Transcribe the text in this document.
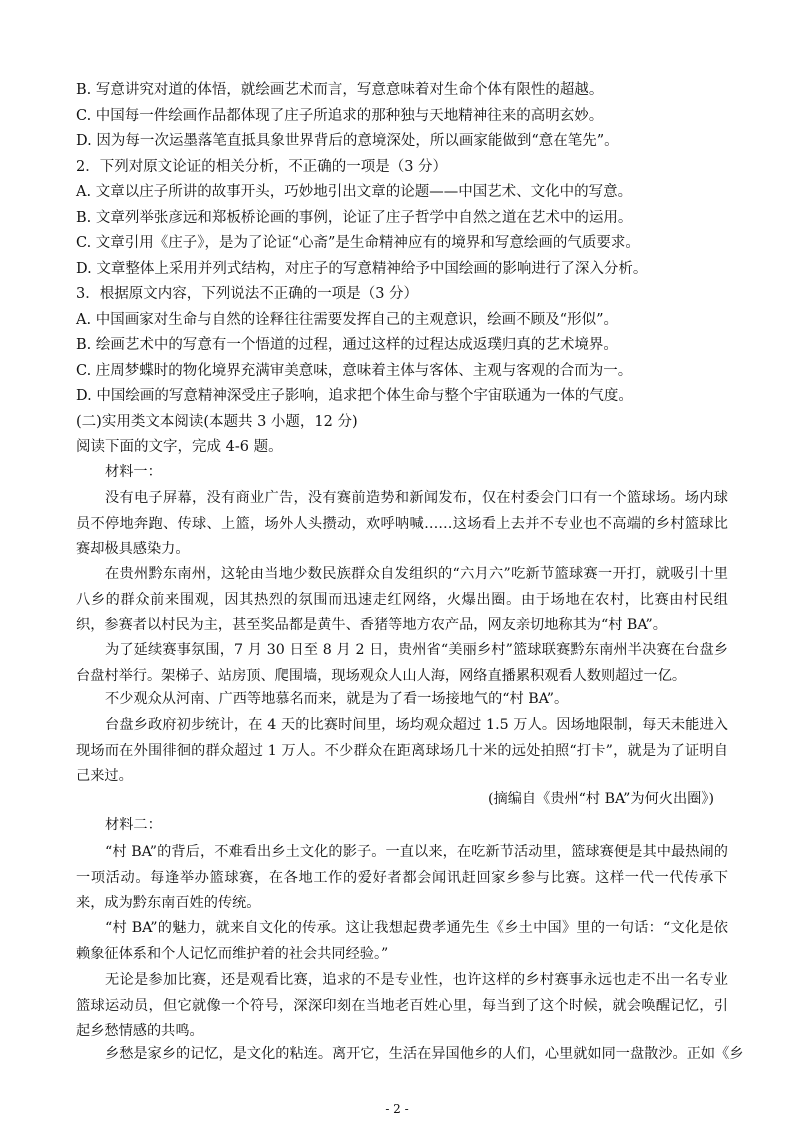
B. 写意讲究对道的体悟，就绘画艺术而言，写意意味着对生命个体有限性的超越。
C. 中国每一件绘画作品都体现了庄子所追求的那种独与天地精神往来的高明玄妙。
D. 因为每一次运墨落笔直抵具象世界背后的意境深处，所以画家能做到“意在笔先”。
2．下列对原文论证的相关分析，不正确的一项是（3 分）
A. 文章以庄子所讲的故事开头，巧妙地引出文章的论题——中国艺术、文化中的写意。
B. 文章列举张彦远和郑板桥论画的事例，论证了庄子哲学中自然之道在艺术中的运用。
C. 文章引用《庄子》，是为了论证“心斋”是生命精神应有的境界和写意绘画的气质要求。
D. 文章整体上采用并列式结构，对庄子的写意精神给予中国绘画的影响进行了深入分析。
3．根据原文内容，下列说法不正确的一项是（3 分）
A. 中国画家对生命与自然的诠释往往需要发挥自己的主观意识，绘画不顾及“形似”。
B. 绘画艺术中的写意有一个悟道的过程，通过这样的过程达成返璞归真的艺术境界。
C. 庄周梦蝶时的物化境界充满审美意味，意味着主体与客体、主观与客观的合而为一。
D. 中国绘画的写意精神深受庄子影响，追求把个体生命与整个宇宙联通为一体的气度。
(二)实用类文本阅读(本题共 3 小题，12 分)
阅读下面的文字，完成 4-6 题。
材料一：
没有电子屏幕，没有商业广告，没有赛前造势和新闻发布，仅在村委会门口有一个篮球场。场内球员不停地奔跑、传球、上篮，场外人头攒动，欢呼呐喊……这场看上去并不专业也不高端的乡村篮球比赛却极具感染力。
在贵州黔东南州，这轮由当地少数民族群众自发组织的“六月六”吃新节篮球赛一开打，就吸引十里八乡的群众前来围观，因其热烈的氛围而迅速走红网络，火爆出圈。由于场地在农村，比赛由村民组织，参赛者以村民为主，甚至奖品都是黄牛、香猪等地方农产品，网友亲切地称其为“村 BA”。
为了延续赛事氛围，7 月 30 日至 8 月 2 日，贵州省“美丽乡村”篮球联赛黔东南州半决赛在台盘乡台盘村举行。架梯子、站房顶、爬围墙，现场观众人山人海，网络直播累积观看人数则超过一亿。
不少观众从河南、广西等地慕名而来，就是为了看一场接地气的“村 BA”。
台盘乡政府初步统计，在 4 天的比赛时间里，场均观众超过 1.5 万人。因场地限制，每天未能进入现场而在外围徘徊的群众超过 1 万人。不少群众在距离球场几十米的远处拍照“打卡”，就是为了证明自己来过。
(摘编自《贵州“村 BA”为何火出圈》)
材料二：
“村 BA”的背后，不难看出乡土文化的影子。一直以来，在吃新节活动里，篮球赛便是其中最热闹的一项活动。每逢举办篮球赛，在各地工作的爱好者都会闻讯赶回家乡参与比赛。这样一代一代传承下来，成为黔东南百姓的传统。
“村 BA”的魅力，就来自文化的传承。这让我想起费孝通先生《乡土中国》里的一句话：“文化是依赖象征体系和个人记忆而维护着的社会共同经验。”
无论是参加比赛，还是观看比赛，追求的不是专业性，也许这样的乡村赛事永远也走不出一名专业篮球运动员，但它就像一个符号，深深印刻在当地老百姓心里，每当到了这个时候，就会唤醒记忆，引起乡愁情感的共鸣。
乡愁是家乡的记忆，是文化的粘连。离开它，生活在异国他乡的人们，心里就如同一盘散沙。正如《乡
- 2 -
